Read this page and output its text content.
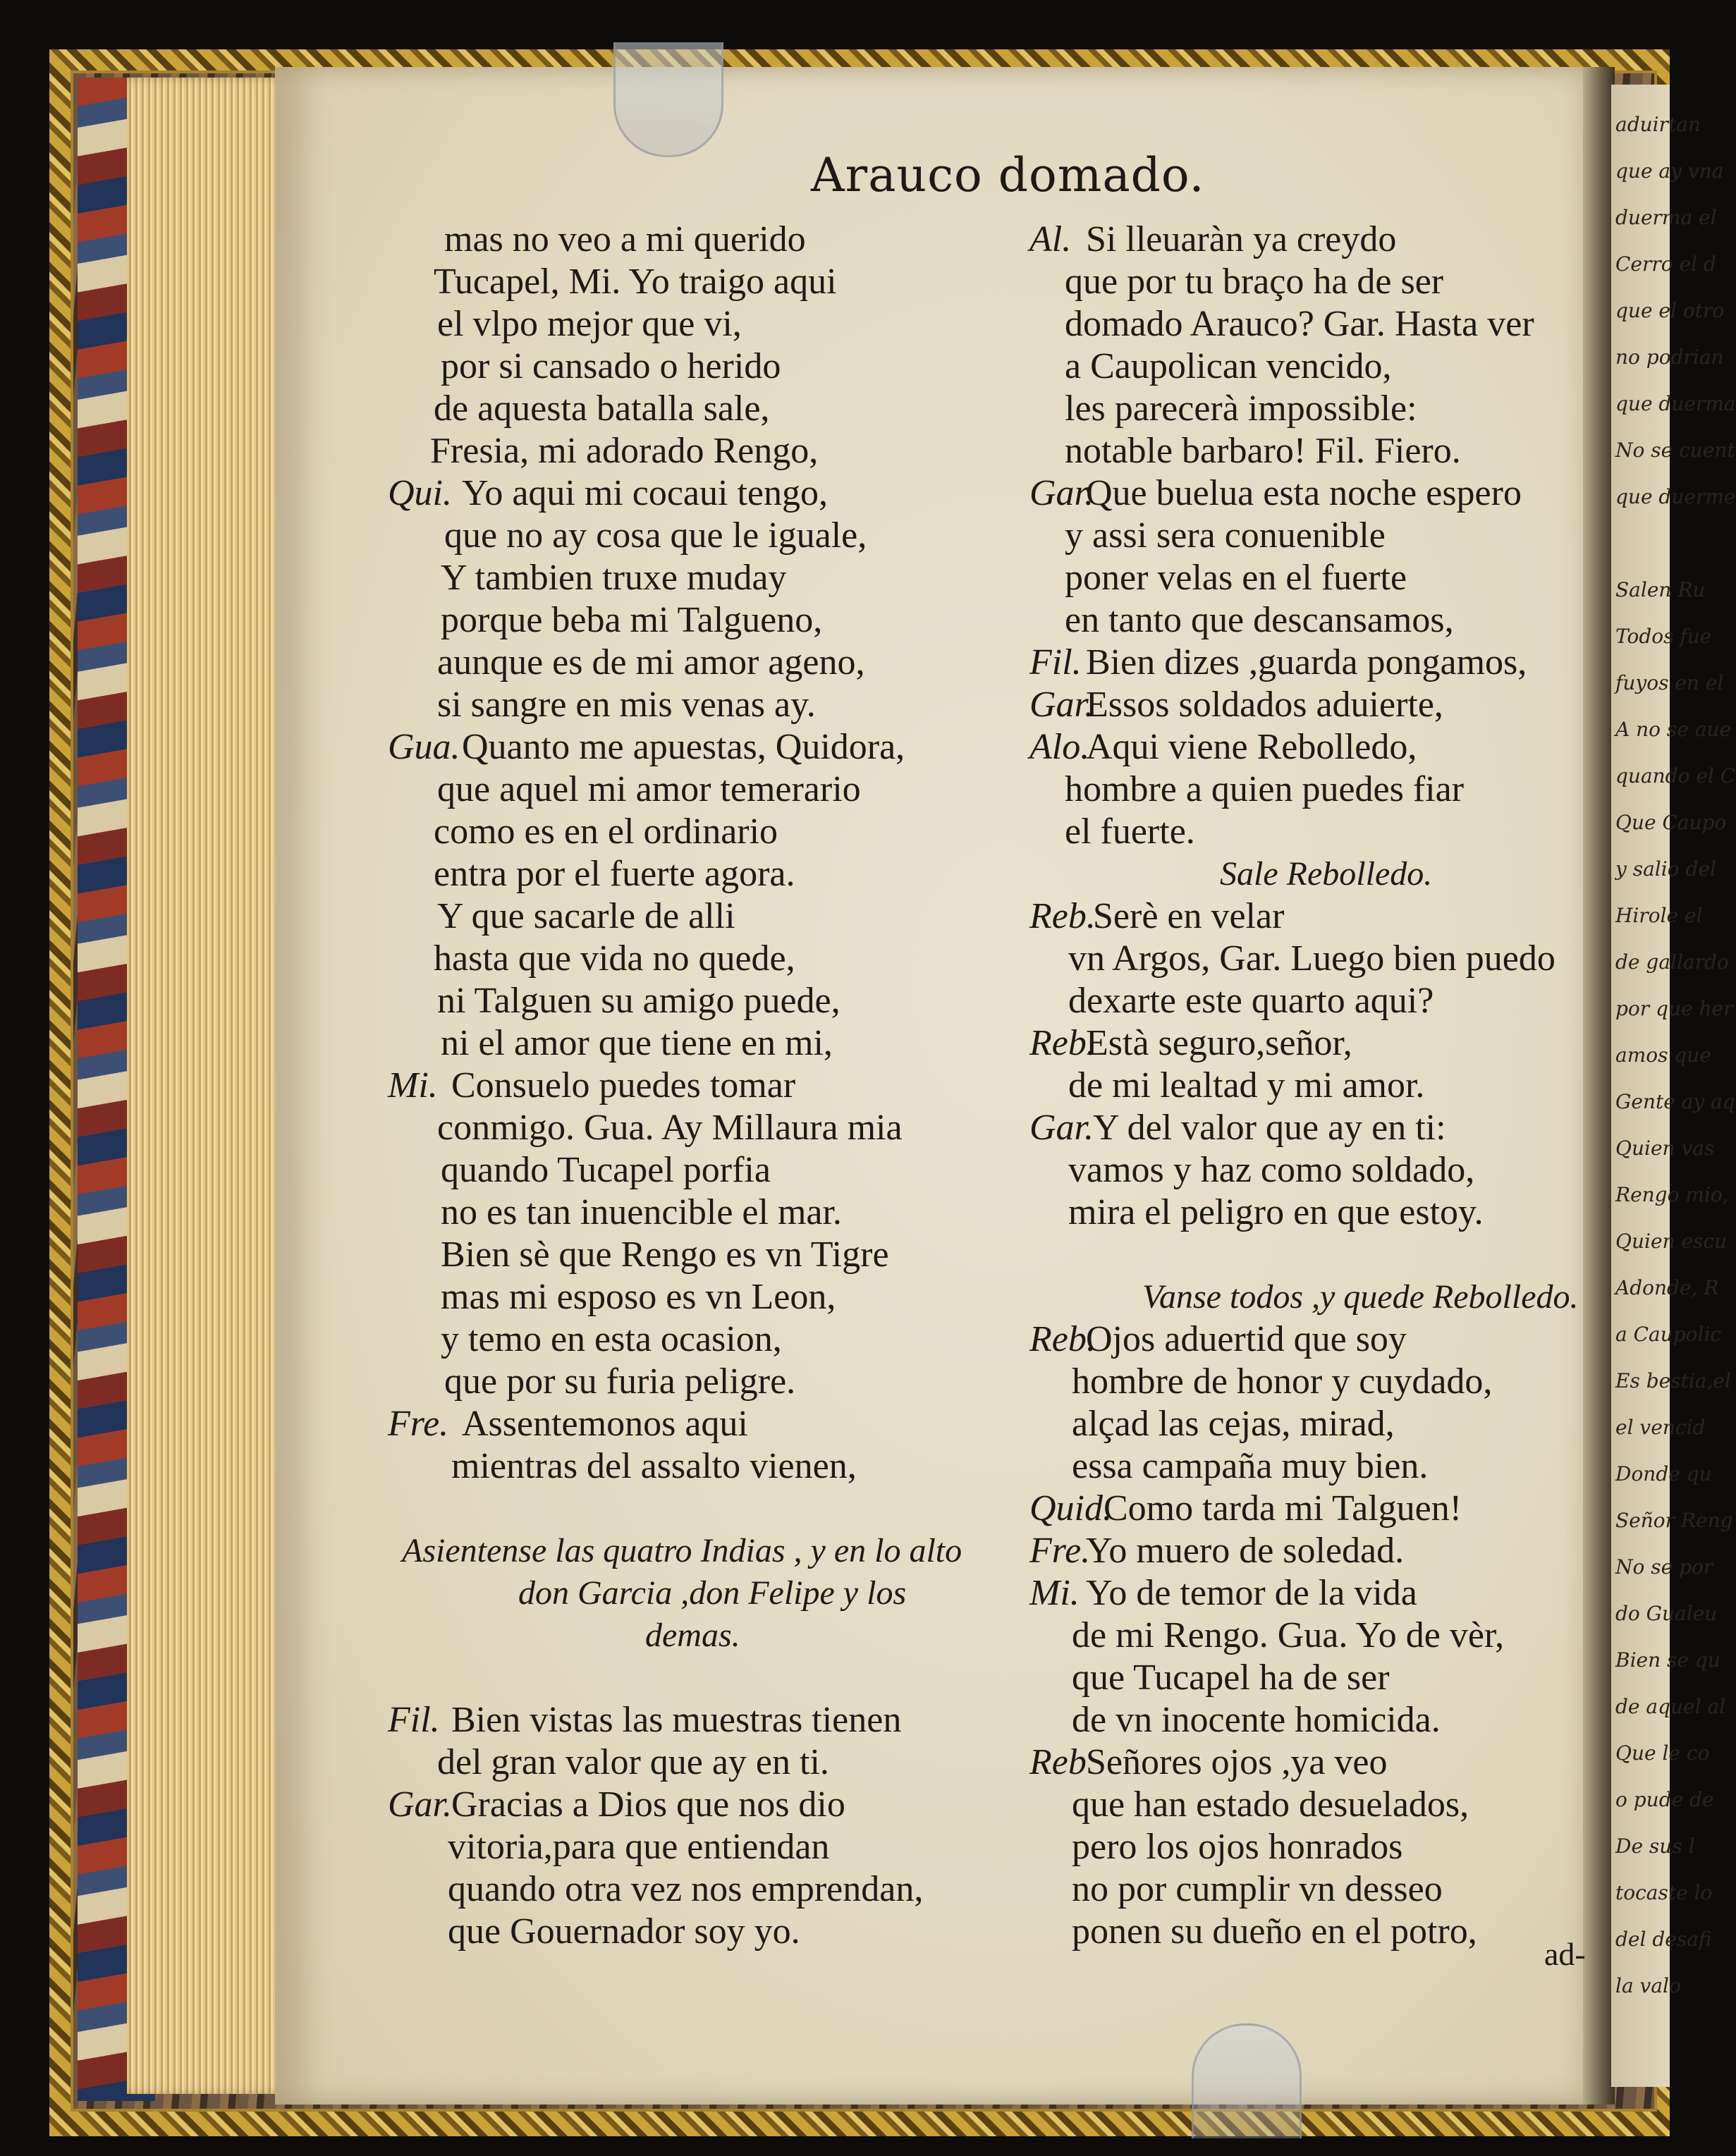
aduirtan
que ay vna
duerma el
Cerro el d
que el otro
no podrian
que duerma
No se cuent
que duerme
Salen Ru
Todos fue
fuyos en el
A no se aue
quando el C
Que Caupo
y salio del
Hirole el
de gallardo
por que her
amos que
Gente ay aq
Quien vas
Rengo mio,
Quien escu
Adonde, R
a Caupolic
Es bestia,el
el vencid
Donde qu
Señor Reng
No se por
do Gualeu
Bien se qu
de aquel al
Que le co
o pude de
De sus l
tocaste lo
del desafi
la valo
Arauco domado.
mas no veo a mi querido
Tucapel, Mi. Yo traigo aqui
el vlpo mejor que vi,
por si cansado o herido
de aquesta batalla sale,
Fresia, mi adorado Rengo,
Qui. Yo aqui mi cocaui tengo,
que no ay cosa que le iguale,
Y tambien truxe muday
porque beba mi Talgueno,
aunque es de mi amor ageno,
si sangre en mis venas ay.
Gua. Quanto me apuestas, Quidora,
que aquel mi amor temerario
como es en el ordinario
entra por el fuerte agora.
Y que sacarle de alli
hasta que vida no quede,
ni Talguen su amigo puede,
ni el amor que tiene en mi,
Mi. Consuelo puedes tomar
conmigo. Gua. Ay Millaura mia
quando Tucapel porfia
no es tan inuencible el mar.
Bien sè que Rengo es vn Tigre
mas mi esposo es vn Leon,
y temo en esta ocasion,
que por su furia peligre.
Fre. Assentemonos aqui
mientras del assalto vienen,
Asientense las quatro Indias , y en lo alto
don Garcia ,don Felipe y los
demas.
Fil. Bien vistas las muestras tienen
del gran valor que ay en ti.
Gar.
Gracias a Dios que nos dio
vitoria,para que entiendan
quando otra vez nos emprendan,
que Gouernador soy yo.
Al. Si lleuaràn ya creydo
que por tu braço ha de ser
domado Arauco? Gar. Hasta ver
a Caupolican vencido,
les parecerà impossible:
notable barbaro! Fil. Fiero.
Gar.
Que buelua esta noche espero
y assi sera conuenible
poner velas en el fuerte
en tanto que descansamos,
Fil. Bien dizes ,guarda pongamos,
Gar.
Essos soldados aduierte,
Alo.
Aqui viene Rebolledo,
hombre a quien puedes fiar
el fuerte.
Sale Rebolledo.
Reb.
Serè en velar
vn Argos, Gar. Luego bien puedo
dexarte este quarto aqui?
Reb.
Està seguro,señor,
de mi lealtad y mi amor.
Gar.
Y del valor que ay en ti:
vamos y haz como soldado,
mira el peligro en que estoy.
Vanse todos ,y quede Rebolledo.
Reb.
Ojos aduertid que soy
hombre de honor y cuydado,
alçad las cejas, mirad,
essa campaña muy bien.
Quid.
Como tarda mi Talguen!
Fre.
Yo muero de soledad.
Mi. Yo de temor de la vida
de mi Rengo. Gua. Yo de vèr,
que Tucapel ha de ser
de vn inocente homicida.
Reb Señores ojos ,ya veo
que han estado desuelados,
pero los ojos honrados
no por cumplir vn desseo
ponen su dueño en el potro,
ad-
